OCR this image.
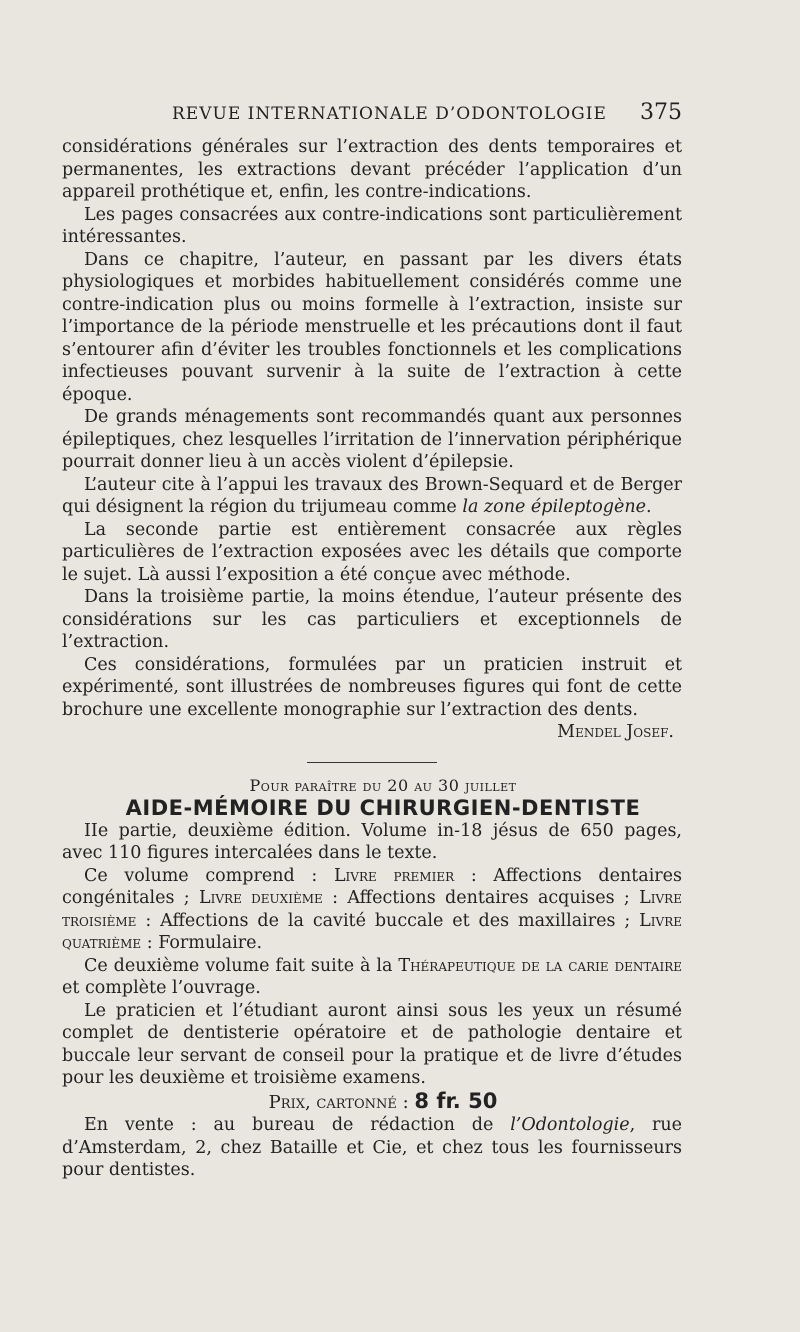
REVUE INTERNATIONALE D’ODONTOLOGIE 375

considérations générales sur l’extraction des dents temporaires et permanentes, les extractions devant précéder l’application d’un appareil prothétique et, enfin, les contre-indications.

Les pages consacrées aux contre-indications sont particulièrement intéressantes.

Dans ce chapitre, l’auteur, en passant par les divers états physiologiques et morbides habituellement considérés comme une contre-indication plus ou moins formelle à l’extraction, insiste sur l’importance de la période menstruelle et les précautions dont il faut s’entourer afin d’éviter les troubles fonctionnels et les complications infectieuses pouvant survenir à la suite de l’extraction à cette époque.

De grands ménagements sont recommandés quant aux personnes épileptiques, chez lesquelles l’irritation de l’innervation périphérique pourrait donner lieu à un accès violent d’épilepsie.

L’auteur cite à l’appui les travaux des Brown-Sequard et de Berger qui désignent la région du trijumeau comme la zone épileptogène.

La seconde partie est entièrement consacrée aux règles particulières de l’extraction exposées avec les détails que comporte le sujet. Là aussi l’exposition a été conçue avec méthode.

Dans la troisième partie, la moins étendue, l’auteur présente des considérations sur les cas particuliers et exceptionnels de l’extraction.

Ces considérations, formulées par un praticien instruit et expérimenté, sont illustrées de nombreuses figures qui font de cette brochure une excellente monographie sur l’extraction des dents.

Mendel Josef.

Pour paraître du 20 au 30 juillet

AIDE-MÉMOIRE DU CHIRURGIEN-DENTISTE

IIe partie, deuxième édition. Volume in-18 jésus de 650 pages, avec 110 figures intercalées dans le texte.

Ce volume comprend : Livre premier : Affections dentaires congénitales ; Livre deuxième : Affections dentaires acquises ; Livre troisième : Affections de la cavité buccale et des maxillaires ; Livre quatrième : Formulaire.

Ce deuxième volume fait suite à la Thérapeutique de la carie dentaire et complète l’ouvrage.

Le praticien et l’étudiant auront ainsi sous les yeux un résumé complet de dentisterie opératoire et de pathologie dentaire et buccale leur servant de conseil pour la pratique et de livre d’études pour les deuxième et troisième examens.

Prix, cartonné : 8 fr. 50

En vente : au bureau de rédaction de l’Odontologie, rue d’Amsterdam, 2, chez Bataille et Cie, et chez tous les fournisseurs pour dentistes.
